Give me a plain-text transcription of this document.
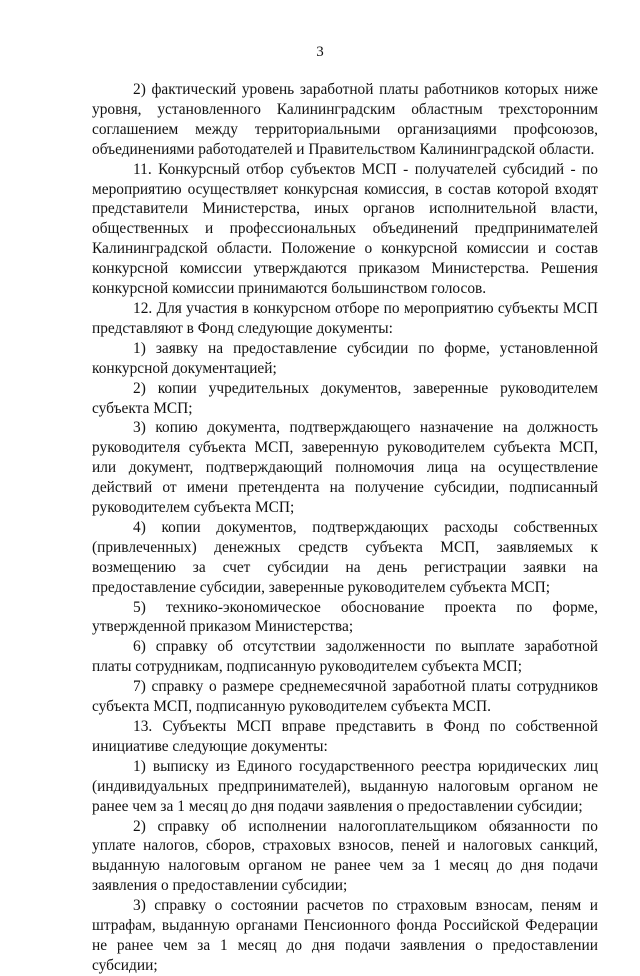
3

2) фактический уровень заработной платы работников которых ниже уровня, установленного Калининградским областным трехсторонним соглашением между территориальными организациями профсоюзов, объединениями работодателей и Правительством Калининградской области.

11. Конкурсный отбор субъектов МСП - получателей субсидий - по мероприятию осуществляет конкурсная комиссия, в состав которой входят представители Министерства, иных органов исполнительной власти, общественных и профессиональных объединений предпринимателей Калининградской области. Положение о конкурсной комиссии и состав конкурсной комиссии утверждаются приказом Министерства. Решения конкурсной комиссии принимаются большинством голосов.

12. Для участия в конкурсном отборе по мероприятию субъекты МСП представляют в Фонд следующие документы:

1) заявку на предоставление субсидии по форме, установленной конкурсной документацией;

2) копии учредительных документов, заверенные руководителем субъекта МСП;

3) копию документа, подтверждающего назначение на должность руководителя субъекта МСП, заверенную руководителем субъекта МСП, или документ, подтверждающий полномочия лица на осуществление действий от имени претендента на получение субсидии, подписанный руководителем субъекта МСП;

4) копии документов, подтверждающих расходы собственных (привлеченных) денежных средств субъекта МСП, заявляемых к возмещению за счет субсидии на день регистрации заявки на предоставление субсидии, заверенные руководителем субъекта МСП;

5) технико-экономическое обоснование проекта по форме, утвержденной приказом Министерства;

6) справку об отсутствии задолженности по выплате заработной платы сотрудникам, подписанную руководителем субъекта МСП;

7) справку о размере среднемесячной заработной платы сотрудников субъекта МСП, подписанную руководителем субъекта МСП.

13. Субъекты МСП вправе представить в Фонд по собственной инициативе следующие документы:

1) выписку из Единого государственного реестра юридических лиц (индивидуальных предпринимателей), выданную налоговым органом не ранее чем за 1 месяц до дня подачи заявления о предоставлении субсидии;

2) справку об исполнении налогоплательщиком обязанности по уплате налогов, сборов, страховых взносов, пеней и налоговых санкций, выданную налоговым органом не ранее чем за 1 месяц до дня подачи заявления о предоставлении субсидии;

3) справку о состоянии расчетов по страховым взносам, пеням и штрафам, выданную органами Пенсионного фонда Российской Федерации не ранее чем за 1 месяц до дня подачи заявления о предоставлении субсидии;
